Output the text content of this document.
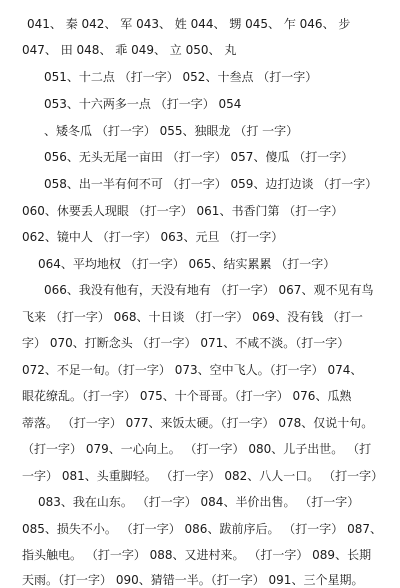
041、 秦 042、 军 043、 姓 044、 甥 045、 乍 046、 步
047、 田 048、 乖 049、 立 050、 丸
051、十二点 （打一字） 052、十叁点 （打一字）
053、十六两多一点 （打一字） 054
、矮冬瓜 （打一字） 055、独眼龙 （打 一字）
056、无头无尾一亩田 （打一字） 057、傻瓜 （打一字）
058、出一半有何不可 （打一字） 059、边打边谈 （打一字）
060、休要丢人现眼 （打一字） 061、书香门第 （打一字）
062、镜中人 （打一字） 063、元旦 （打一字）
064、平均地权 （打一字） 065、结实累累 （打一字）
066、我没有他有，天没有地有 （打一字） 067、观不见有鸟
飞来 （打一字） 068、十日谈 （打一字） 069、没有钱 （打一
字） 070、打断念头 （打一字） 071、不咸不淡。（打一字）
072、不足一旬。（打一字） 073、空中飞人。（打一字） 074、
眼花缭乱。（打一字） 075、十个哥哥。（打一字） 076、瓜熟
蒂落。 （打一字） 077、来饭太硬。（打一字） 078、仅说十句。
（打一字） 079、一心向上。 （打一字） 080、儿子出世。 （打
一字） 081、头重脚轻。 （打一字） 082、八人一口。 （打一字）
083、我在山东。 （打一字） 084、半价出售。 （打一字）
085、损失不小。 （打一字） 086、跋前序后。 （打一字） 087、
指头触电。 （打一字） 088、又进村来。 （打一字） 089、长期
天雨。（打一字） 090、猜错一半。（打一字） 091、三个星期。
